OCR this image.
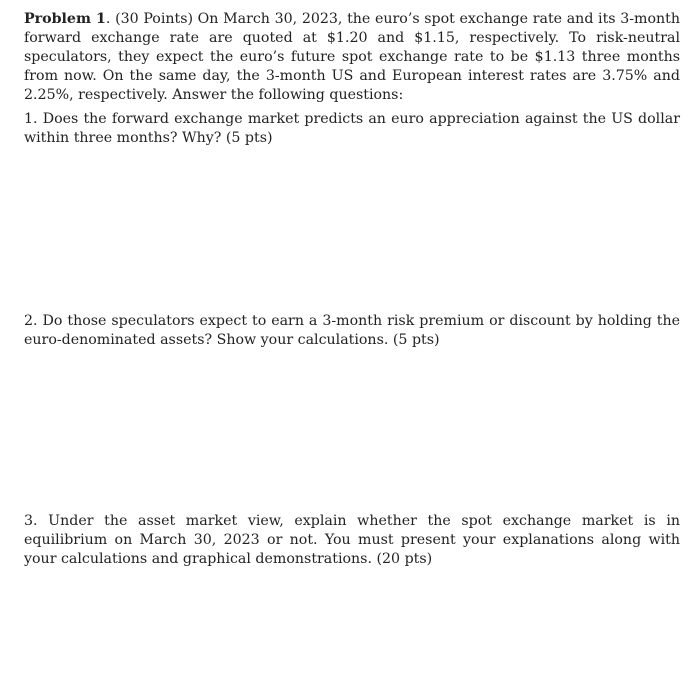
Problem 1. (30 Points) On March 30, 2023, the euro’s spot exchange rate and its 3-month forward exchange rate are quoted at $1.20 and $1.15, respectively. To risk-neutral speculators, they expect the euro’s future spot exchange rate to be $1.13 three months from now. On the same day, the 3-month US and European interest rates are 3.75% and 2.25%, respectively. Answer the following questions:

1. Does the forward exchange market predicts an euro appreciation against the US dollar within three months? Why? (5 pts)

2. Do those speculators expect to earn a 3-month risk premium or discount by holding the euro-denominated assets? Show your calculations. (5 pts)

3. Under the asset market view, explain whether the spot exchange market is in equilibrium on March 30, 2023 or not. You must present your explanations along with your calculations and graphical demonstrations. (20 pts)
